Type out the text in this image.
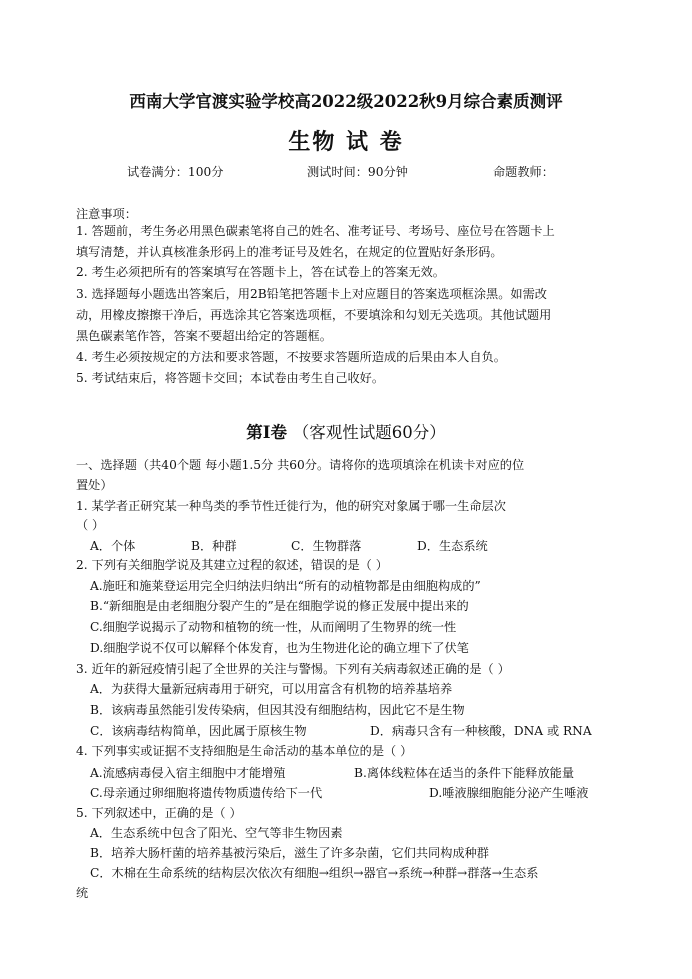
西南大学官渡实验学校高2022级2022秋9月综合素质测评
生物 试 卷
试卷满分：100分	测试时间：90分钟	命题教师：
注意事项：
1. 答题前，考生务必用黑色碳素笔将自己的姓名、准考证号、考场号、座位号在答题卡上
填写清楚，并认真核准条形码上的准考证号及姓名，在规定的位置贴好条形码。
2. 考生必须把所有的答案填写在答题卡上，答在试卷上的答案无效。
3. 选择题每小题选出答案后，用2B铅笔把答题卡上对应题目的答案选项框涂黑。如需改
动，用橡皮擦擦干净后，再选涂其它答案选项框，不要填涂和勾划无关选项。其他试题用
黑色碳素笔作答，答案不要超出给定的答题框。
4. 考生必须按规定的方法和要求答题，不按要求答题所造成的后果由本人自负。
5. 考试结束后，将答题卡交回；本试卷由考生自己收好。
第Ⅰ卷 （客观性试题60分）
一、选择题（共40个题 每小题1.5分 共60分。请将你的选项填涂在机读卡对应的位
置处）
1. 某学者正研究某一种鸟类的季节性迁徙行为，他的研究对象属于哪一生命层次
（ ）
A．个体	B．种群	C．生物群落	D．生态系统
2. 下列有关细胞学说及其建立过程的叙述，错误的是（ ）
A.施旺和施莱登运用完全归纳法归纳出“所有的动植物都是由细胞构成的”
B.“新细胞是由老细胞分裂产生的”是在细胞学说的修正发展中提出来的
C.细胞学说揭示了动物和植物的统一性，从而阐明了生物界的统一性
D.细胞学说不仅可以解释个体发育，也为生物进化论的确立埋下了伏笔
3. 近年的新冠疫情引起了全世界的关注与警惕。下列有关病毒叙述正确的是（ ）
A．为获得大量新冠病毒用于研究，可以用富含有机物的培养基培养
B．该病毒虽然能引发传染病，但因其没有细胞结构，因此它不是生物
C．该病毒结构简单，因此属于原核生物	D．病毒只含有一种核酸，DNA 或 RNA
4. 下列事实或证据不支持细胞是生命活动的基本单位的是（ ）
A.流感病毒侵入宿主细胞中才能增殖	B.离体线粒体在适当的条件下能释放能量
C.母亲通过卵细胞将遗传物质遗传给下一代	D.唾液腺细胞能分泌产生唾液
5. 下列叙述中，正确的是（ ）
A．生态系统中包含了阳光、空气等非生物因素
B．培养大肠杆菌的培养基被污染后，滋生了许多杂菌，它们共同构成种群
C．木棉在生命系统的结构层次依次有细胞→组织→器官→系统→种群→群落→生态系
统
